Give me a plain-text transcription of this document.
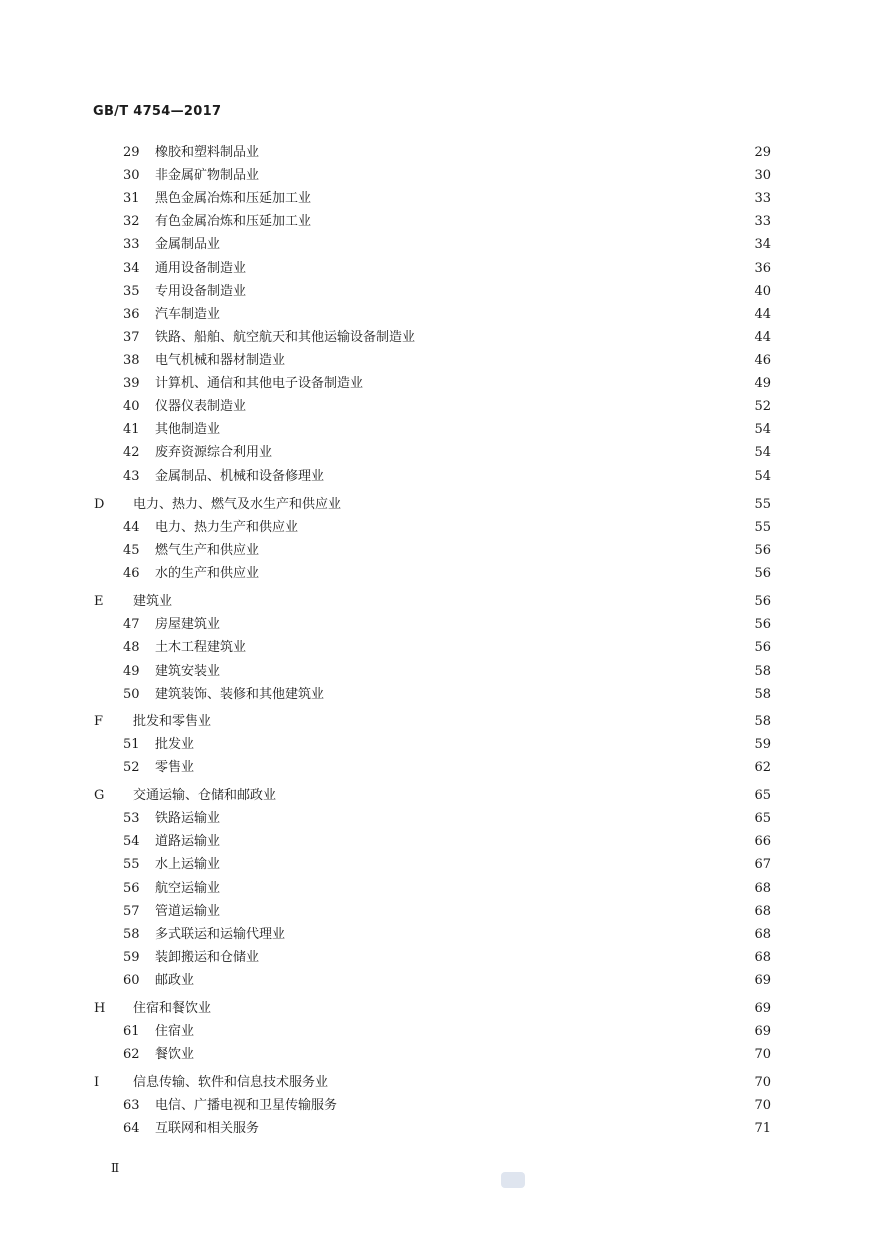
GB/T 4754—2017
29 橡胶和塑料制品业	29
30 非金属矿物制品业	30
31 黑色金属冶炼和压延加工业	33
32 有色金属冶炼和压延加工业	33
33 金属制品业	34
34 通用设备制造业	36
35 专用设备制造业	40
36 汽车制造业	44
37 铁路、船舶、航空航天和其他运输设备制造业	44
38 电气机械和器材制造业	46
39 计算机、通信和其他电子设备制造业	49
40 仪器仪表制造业	52
41 其他制造业	54
42 废弃资源综合利用业	54
43 金属制品、机械和设备修理业	54
D 电力、热力、燃气及水生产和供应业	55
44 电力、热力生产和供应业	55
45 燃气生产和供应业	56
46 水的生产和供应业	56
E 建筑业	56
47 房屋建筑业	56
48 土木工程建筑业	56
49 建筑安装业	58
50 建筑装饰、装修和其他建筑业	58
F 批发和零售业	58
51 批发业	59
52 零售业	62
G 交通运输、仓储和邮政业	65
53 铁路运输业	65
54 道路运输业	66
55 水上运输业	67
56 航空运输业	68
57 管道运输业	68
58 多式联运和运输代理业	68
59 装卸搬运和仓储业	68
60 邮政业	69
H 住宿和餐饮业	69
61 住宿业	69
62 餐饮业	70
I	信息传输、软件和信息技术服务业	70
63 电信、广播电视和卫星传输服务	70
64 互联网和相关服务	71
Ⅱ
